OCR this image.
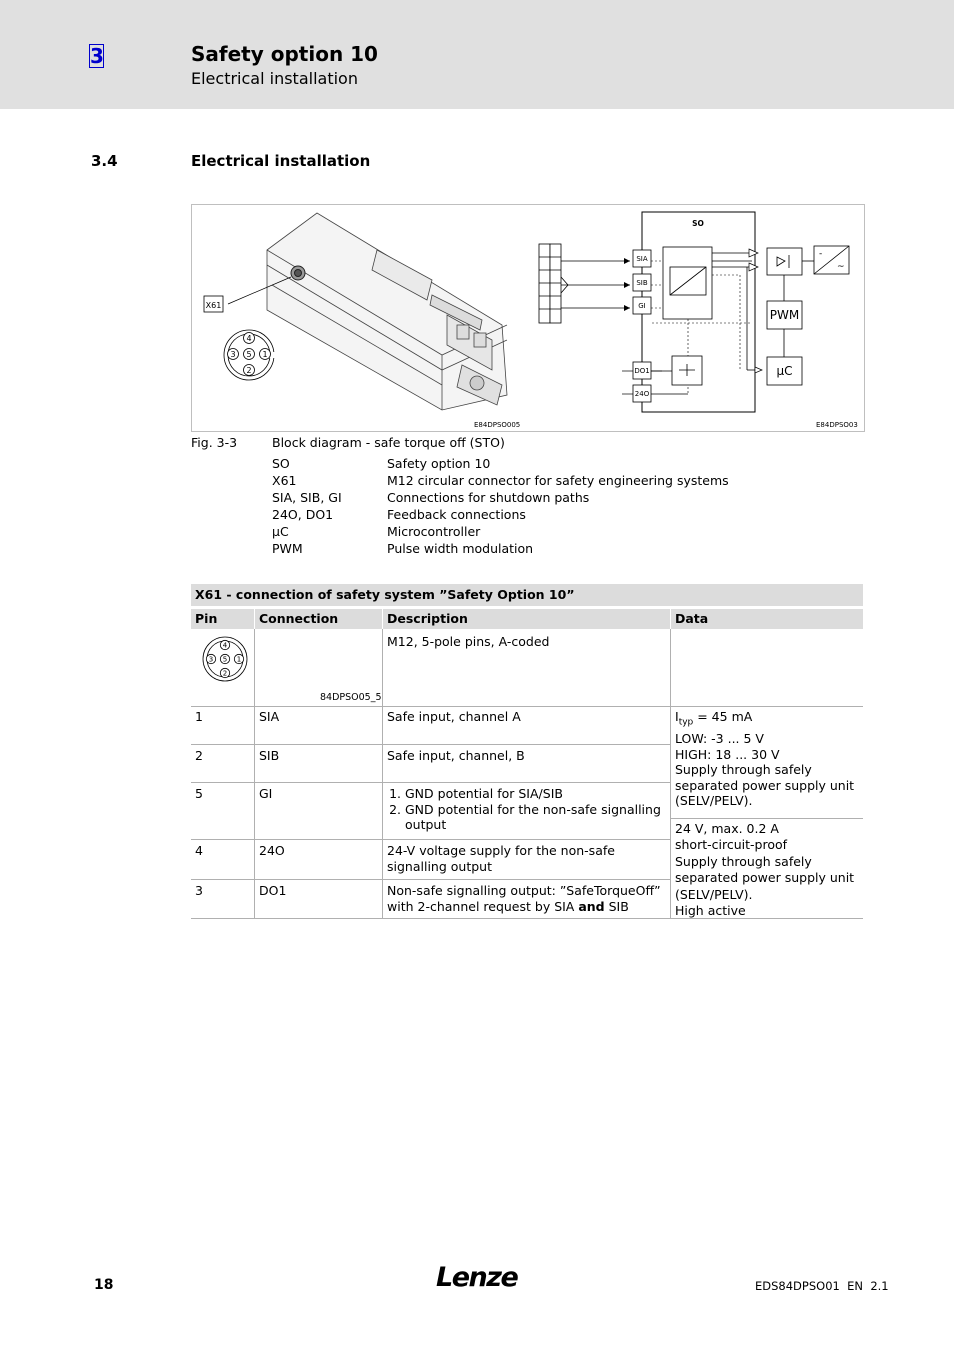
3	Safety option 10
Electrical installation
3.4	Electrical installation
X61
4
3 5 1
2
E84DPSO005
SO
SIA
SIB
GI
DO1
24O
-
~
PWM
µC
E84DPSO03
Fig. 3-3	Block diagram - safe torque off (STO)
SO	Safety option 10
X61	M12 circular connector for safety engineering systems
SIA, SIB, GI	Connections for shutdown paths
24O, DO1	Feedback connections
µC	Microcontroller
PWM	Pulse width modulation
X61 - connection of safety system ”Safety Option 10”
Pin	Connection	Description	Data
4
3 5 1
2
84DPSO05_5
M12, 5-pole pins, A-coded
1	SIA	Safe input, channel A
2	SIB	Safe input, channel, B
5	GI
1.	GND potential for SIA/SIB
2. GND potential for the non-safe signalling output
4	24O	24-V voltage supply for the non-safe signalling output
3	DO1	Non-safe signalling output: ”SafeTorqueOff” with 2-channel request by SIA and SIB
$I_{typ} = 45$ mA
LOW: -3 ... 5 V
HIGH: 18 ... 30 V
Supply through safely
separated power supply unit
(SELV/PELV).
24 V, max. 0.2 A
short-circuit-proof
Supply through safely
separated power supply unit
(SELV/PELV).
High active
18	Lenze	EDS84DPSO01  EN  2.1
